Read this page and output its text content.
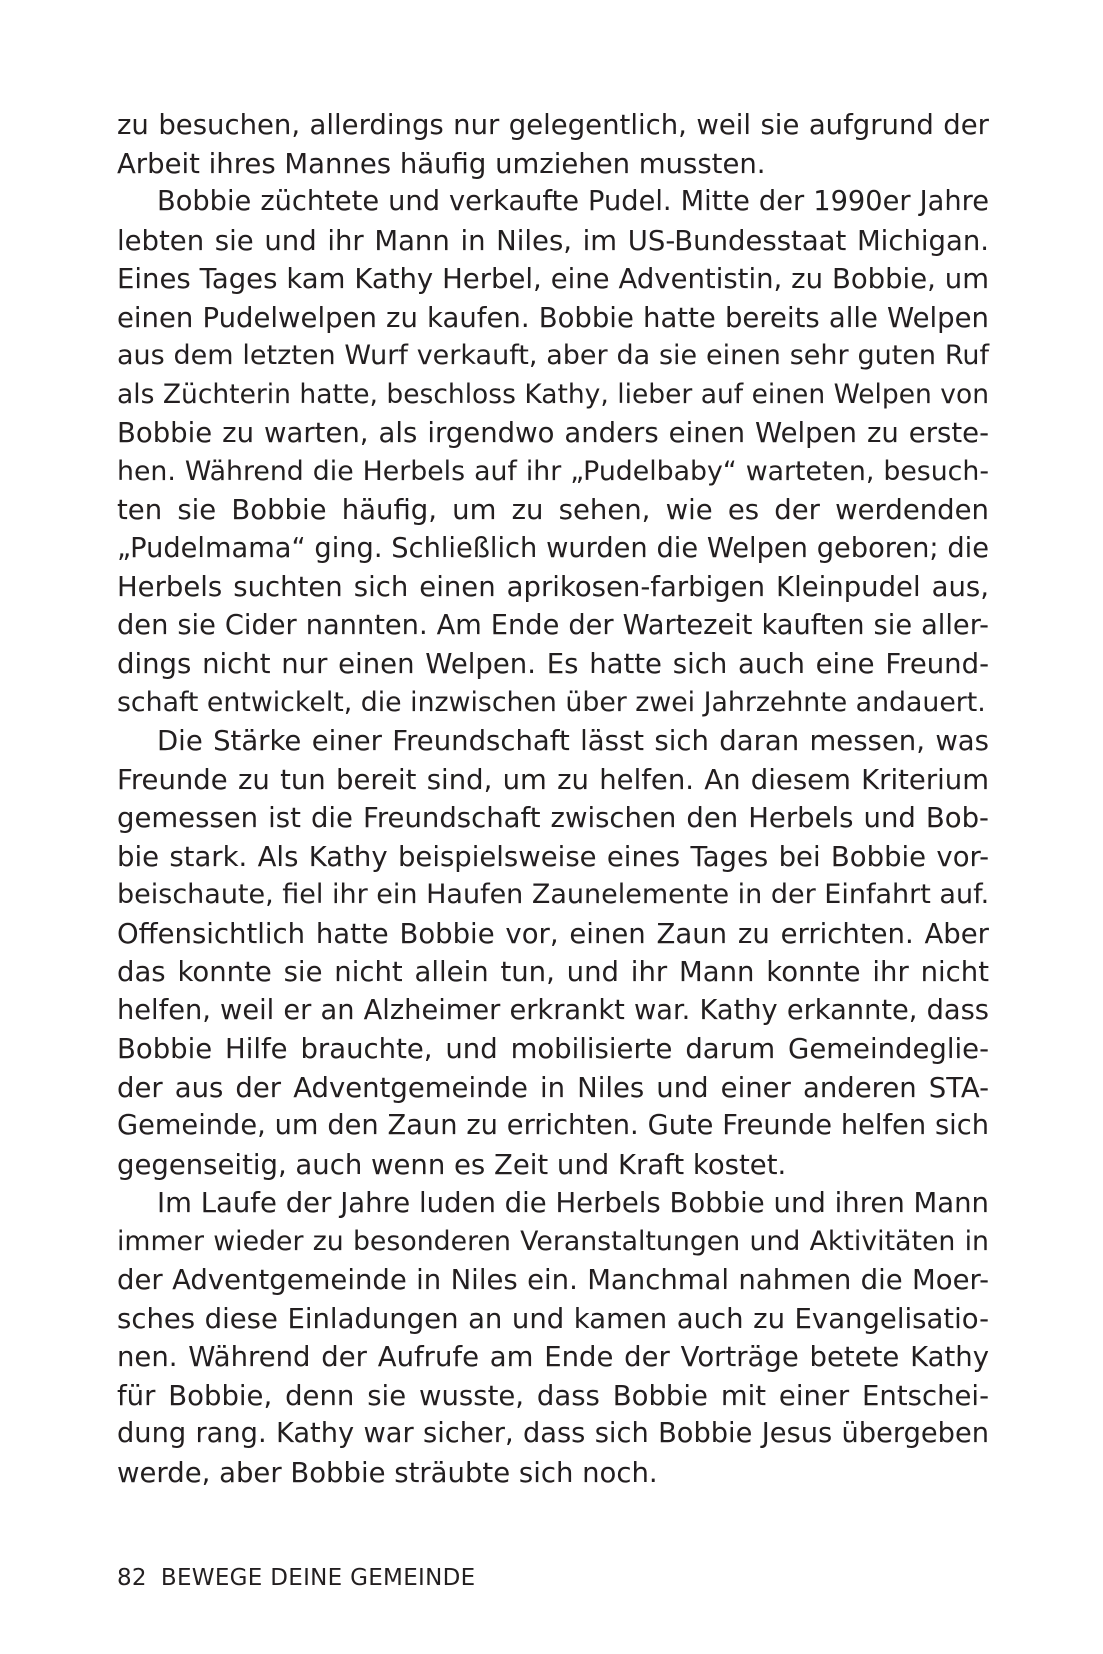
zu besuchen, allerdings nur gelegentlich, weil sie aufgrund der
Arbeit ihres Mannes häufig umziehen mussten.
Bobbie züchtete und verkaufte Pudel. Mitte der 1990er Jahre
lebten sie und ihr Mann in Niles, im US-Bundesstaat Michigan.
Eines Tages kam Kathy Herbel, eine Adventistin, zu Bobbie, um
einen Pudelwelpen zu kaufen. Bobbie hatte bereits alle Welpen
aus dem letzten Wurf verkauft, aber da sie einen sehr guten Ruf
als Züchterin hatte, beschloss Kathy, lieber auf einen Welpen von
Bobbie zu warten, als irgendwo anders einen Welpen zu erste-
hen. Während die Herbels auf ihr „Pudelbaby“ warteten, besuch-
ten sie Bobbie häufig, um zu sehen, wie es der werdenden
„Pudelmama“ ging. Schließlich wurden die Welpen geboren; die
Herbels suchten sich einen aprikosen-farbigen Kleinpudel aus,
den sie Cider nannten. Am Ende der Wartezeit kauften sie aller-
dings nicht nur einen Welpen. Es hatte sich auch eine Freund-
schaft entwickelt, die inzwischen über zwei Jahrzehnte andauert.
Die Stärke einer Freundschaft lässt sich daran messen, was
Freunde zu tun bereit sind, um zu helfen. An diesem Kriterium
gemessen ist die Freundschaft zwischen den Herbels und Bob-
bie stark. Als Kathy beispielsweise eines Tages bei Bobbie vor-
beischaute, fiel ihr ein Haufen Zaunelemente in der Einfahrt auf.
Offensichtlich hatte Bobbie vor, einen Zaun zu errichten. Aber
das konnte sie nicht allein tun, und ihr Mann konnte ihr nicht
helfen, weil er an Alzheimer erkrankt war. Kathy erkannte, dass
Bobbie Hilfe brauchte, und mobilisierte darum Gemeindeglie-
der aus der Adventgemeinde in Niles und einer anderen STA-
Gemeinde, um den Zaun zu errichten. Gute Freunde helfen sich
gegenseitig, auch wenn es Zeit und Kraft kostet.
Im Laufe der Jahre luden die Herbels Bobbie und ihren Mann
immer wieder zu besonderen Veranstaltungen und Aktivitäten in
der Adventgemeinde in Niles ein. Manchmal nahmen die Moer-
sches diese Einladungen an und kamen auch zu Evangelisatio-
nen. Während der Aufrufe am Ende der Vorträge betete Kathy
für Bobbie, denn sie wusste, dass Bobbie mit einer Entschei-
dung rang. Kathy war sicher, dass sich Bobbie Jesus übergeben
werde, aber Bobbie sträubte sich noch.
82 BEWEGE DEINE GEMEINDE
